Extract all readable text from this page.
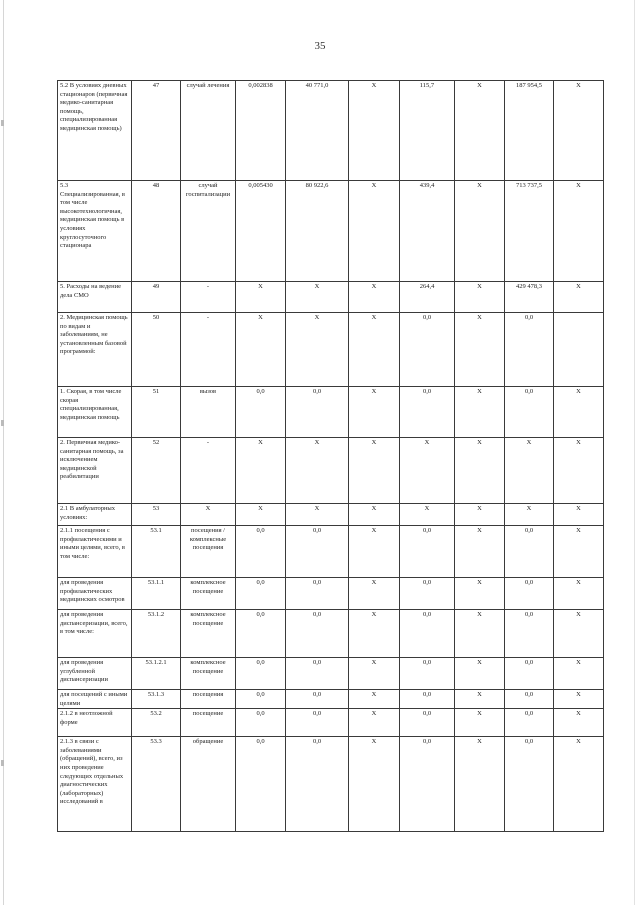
35
5.2 В условиях дневных стационаров (первичная медико-санитарная помощь, специализированная медицинская помощь)	47	случай лечения	0,002838	40 771,0	X	115,7	X	187 954,5	X
5.3 Специализированная, в том числе высокотехнологичная, медицинская помощь в условиях круглосуточного стационара	48	случай госпитализации	0,005430	80 922,6	X	439,4	X	713 737,5	X
5. Расходы на ведение дела СМО	49	-	X	X	X	264,4	X	429 478,3	X
2. Медицинская помощь по видам и заболеваниям, не установленным базовой программой:	50	-	X	X	X	0,0	X	0,0	
1. Скорая, в том числе скорая специализированная, медицинская помощь	51	вызов	0,0	0,0	X	0,0	X	0,0	X
2. Первичная медико-санитарная помощь, за исключением медицинской реабилитации	52	-	X	X	X	X	X	X	X
2.1 В амбулаторных условиях:	53	X	X	X	X	X	X	X	X
2.1.1 посещения с профилактическими и иными целями, всего, в том числе:	53.1	посещения /комплексные посещения	0,0	0,0	X	0,0	X	0,0	X
для проведения профилактических медицинских осмотров	53.1.1	комплексное посещение	0,0	0,0	X	0,0	X	0,0	X
для проведения диспансеризации, всего, в том числе:	53.1.2	комплексное посещение	0,0	0,0	X	0,0	X	0,0	X
для проведения углубленной диспансеризации	53.1.2.1	комплексное посещение	0,0	0,0	X	0,0	X	0,0	X
для посещений с иными целями	53.1.3	посещения	0,0	0,0	X	0,0	X	0,0	X
2.1.2 в неотложной форме	53.2	посещение	0,0	0,0	X	0,0	X	0,0	X
2.1.3 в связи с заболеваниями (обращений), всего, из них проведение следующих отдельных диагностических (лабораторных) исследований в	53.3	обращение	0,0	0,0	X	0,0	X	0,0	X
